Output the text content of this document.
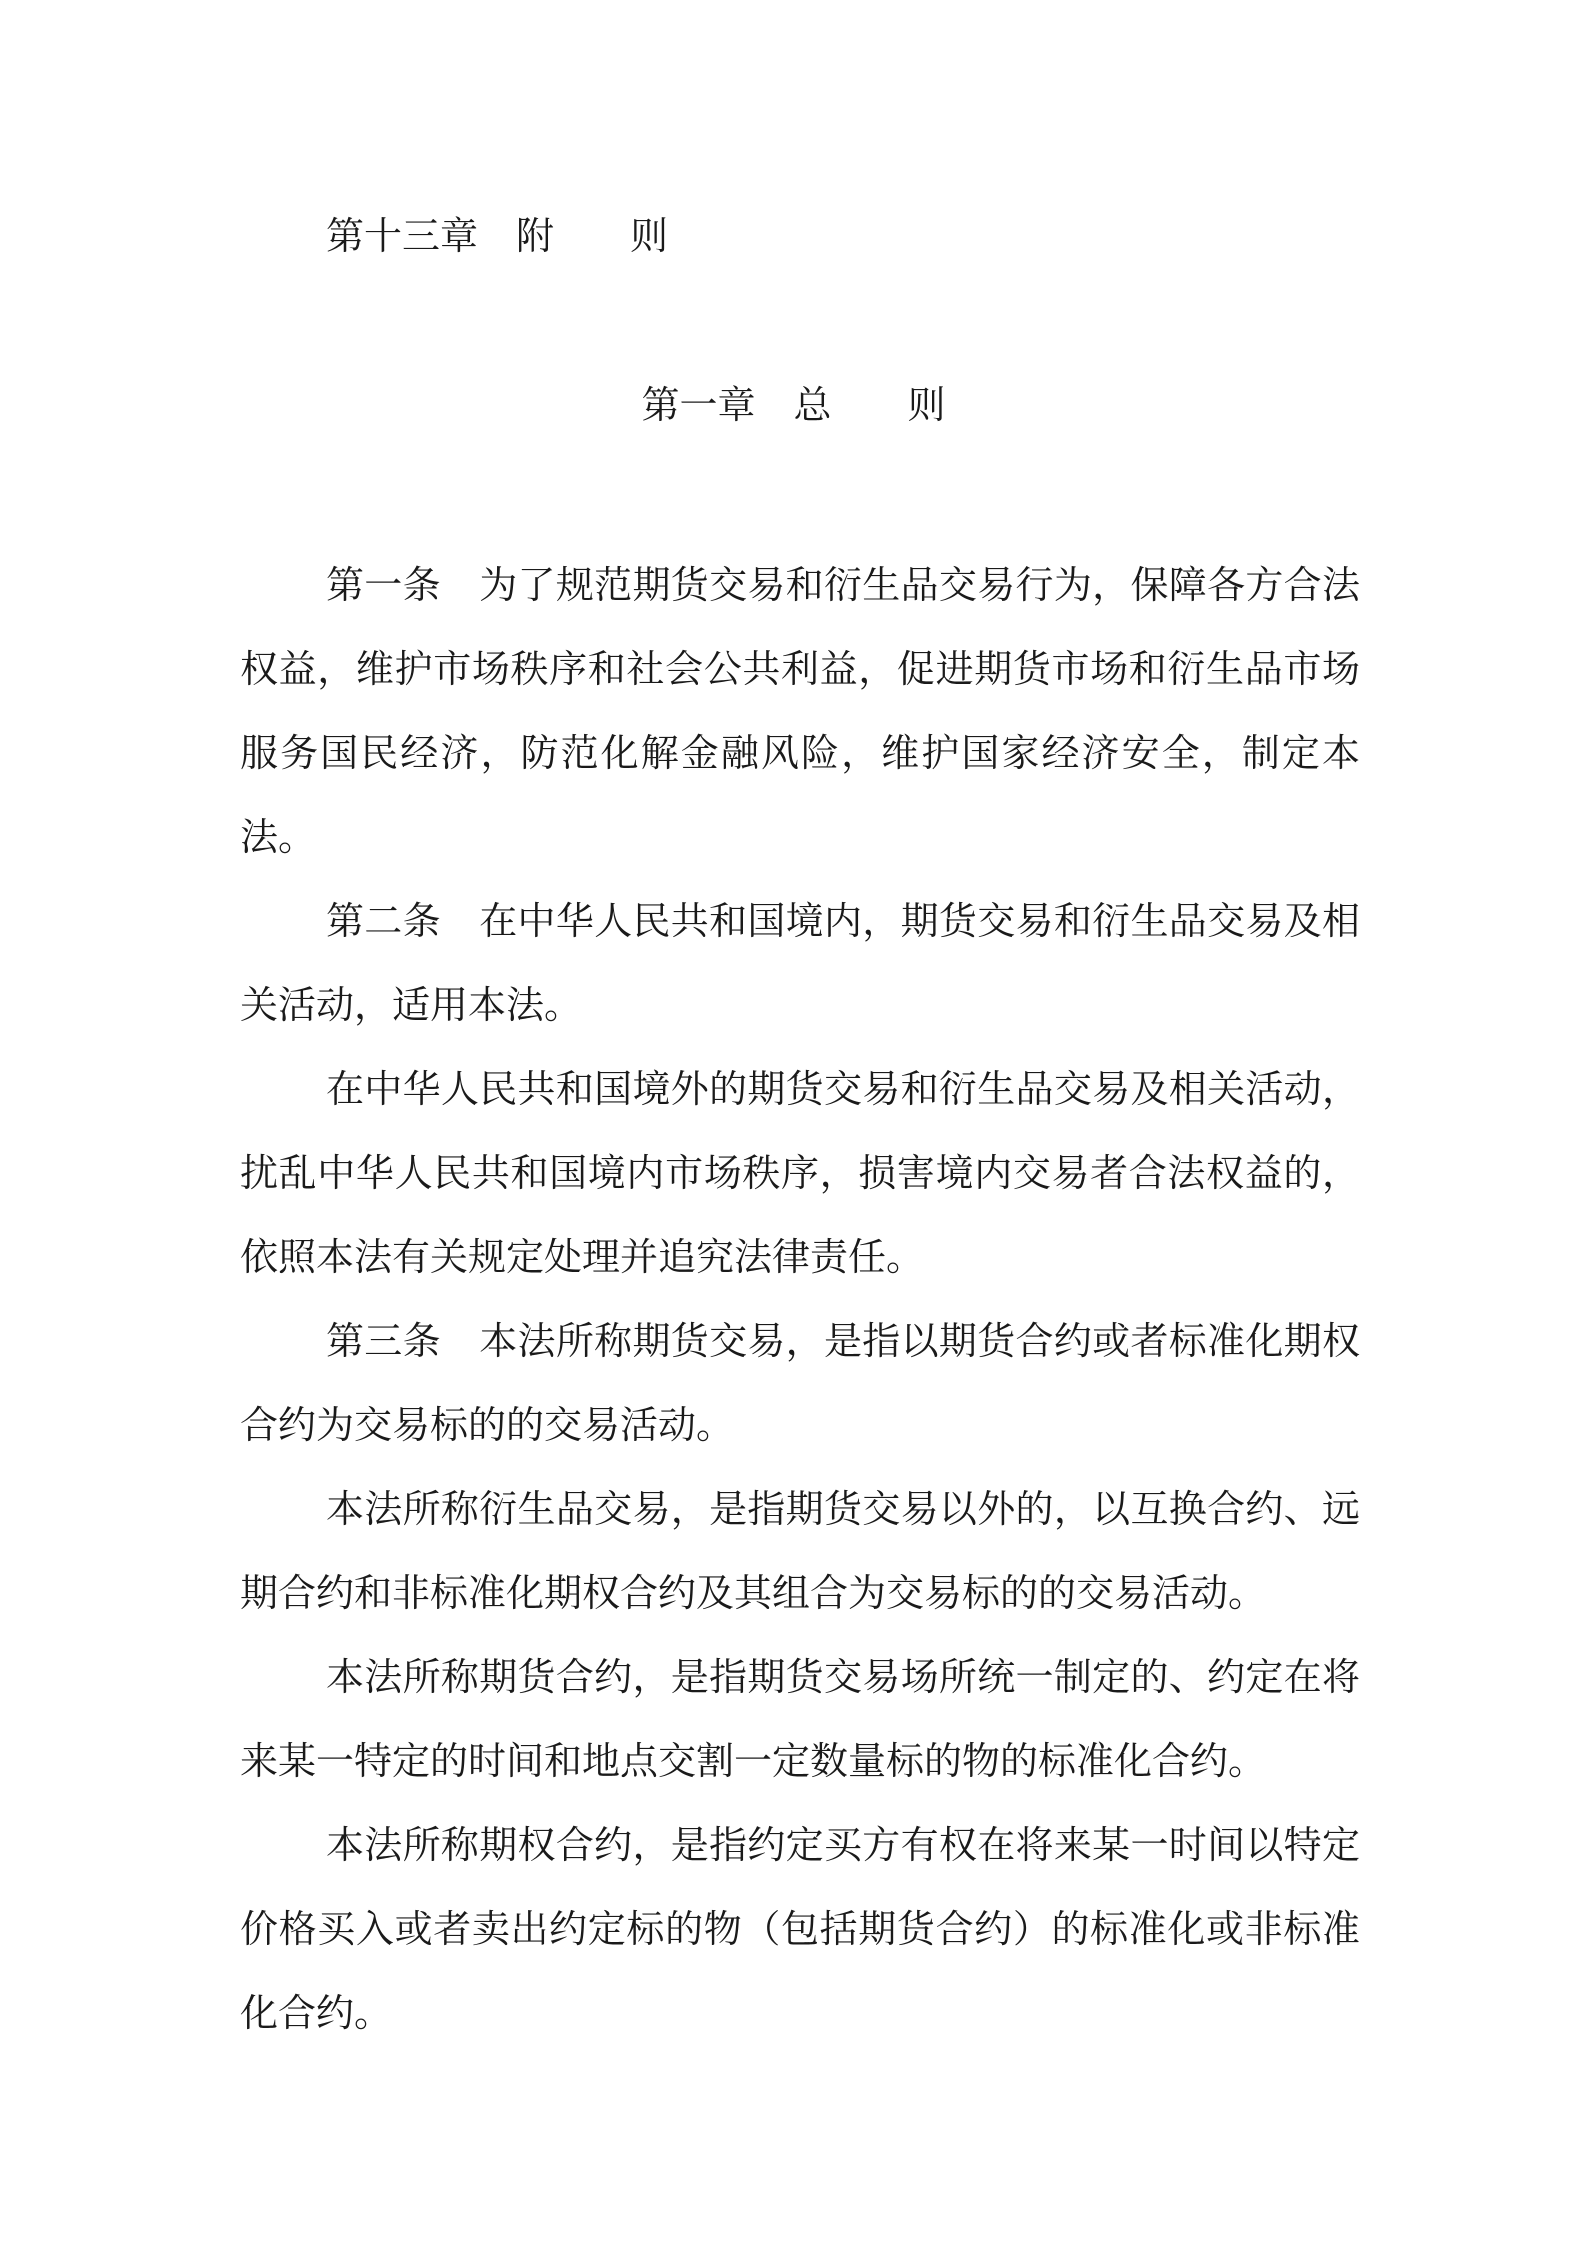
第十三章　附　　则
第一章　总　　则

第一条　为了规范期货交易和衍生品交易行为，保障各方合法权益，维护市场秩序和社会公共利益，促进期货市场和衍生品市场服务国民经济，防范化解金融风险，维护国家经济安全，制定本法。

第二条　在中华人民共和国境内，期货交易和衍生品交易及相关活动，适用本法。

在中华人民共和国境外的期货交易和衍生品交易及相关活动，扰乱中华人民共和国境内市场秩序，损害境内交易者合法权益的，依照本法有关规定处理并追究法律责任。

第三条　本法所称期货交易，是指以期货合约或者标准化期权合约为交易标的的交易活动。

本法所称衍生品交易，是指期货交易以外的，以互换合约、远期合约和非标准化期权合约及其组合为交易标的的交易活动。

本法所称期货合约，是指期货交易场所统一制定的、约定在将来某一特定的时间和地点交割一定数量标的物的标准化合约。

本法所称期权合约，是指约定买方有权在将来某一时间以特定价格买入或者卖出约定标的物（包括期货合约）的标准化或非标准化合约。
